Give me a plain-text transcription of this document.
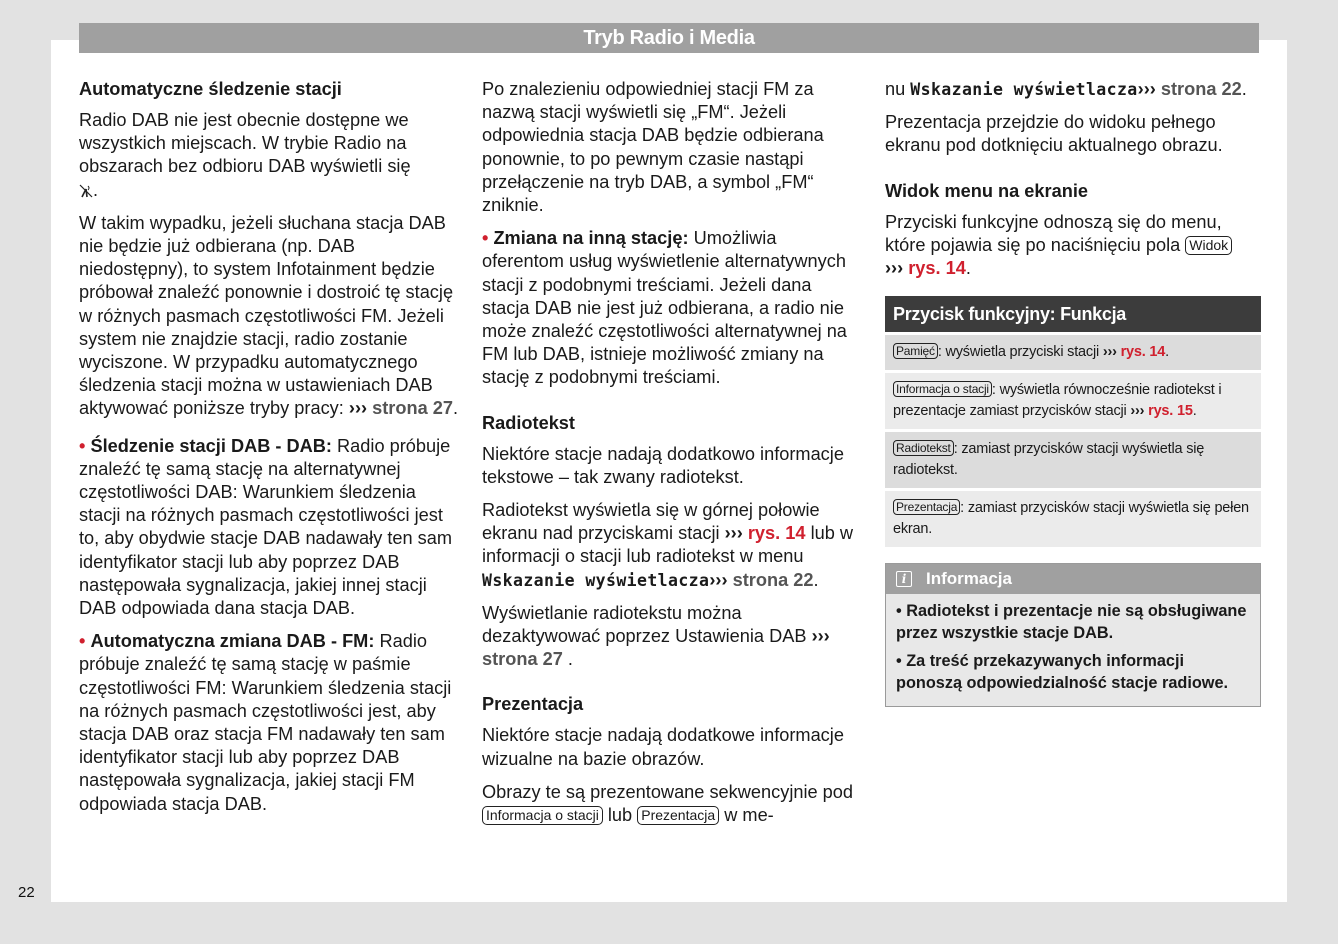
Tryb Radio i Media
Automatyczne śledzenie stacji

Radio DAB nie jest obecnie dostępne we wszystkich miejscach. W trybie Radio na obszarach bez odbioru DAB wyświetli się
.

W takim wypadku, jeżeli słuchana stacja DAB nie będzie już odbierana (np. DAB niedostępny), to system Infotainment będzie próbował znaleźć ponownie i dostroić tę stację w różnych pasmach częstotliwości FM. Jeżeli system nie znajdzie stacji, radio zostanie wyciszone. W przypadku automatycznego śledzenia stacji można w ustawieniach DAB aktywować poniższe tryby pracy: ››› strona 27.

• Śledzenie stacji DAB - DAB: Radio próbuje znaleźć tę samą stację na alternatywnej częstotliwości DAB: Warunkiem śledzenia stacji na różnych pasmach częstotliwości jest to, aby obydwie stacje DAB nadawały ten sam identyfikator stacji lub aby poprzez DAB następowała sygnalizacja, jakiej innej stacji DAB odpowiada dana stacja DAB.

• Automatyczna zmiana DAB - FM: Radio próbuje znaleźć tę samą stację w paśmie częstotliwości FM: Warunkiem śledzenia stacji na różnych pasmach częstotliwości jest, aby stacja DAB oraz stacja FM nadawały ten sam identyfikator stacji lub aby poprzez DAB następowała sygnalizacja, jakiej stacji FM odpowiada stacja DAB.

Po znalezieniu odpowiedniej stacji FM za nazwą stacji wyświetli się „FM“. Jeżeli odpowiednia stacja DAB będzie odbierana ponownie, to po pewnym czasie nastąpi przełączenie na tryb DAB, a symbol „FM“ zniknie.

• Zmiana na inną stację: Umożliwia oferentom usług wyświetlenie alternatywnych stacji z podobnymi treściami. Jeżeli dana stacja DAB nie jest już odbierana, a radio nie może znaleźć częstotliwości alternatywnej na FM lub DAB, istnieje możliwość zmiany na stację z podobnymi treściami.

Radiotekst

Niektóre stacje nadają dodatkowo informacje tekstowe – tak zwany radiotekst.

Radiotekst wyświetla się w górnej połowie ekranu nad przyciskami stacji ››› rys. 14 lub w informacji o stacji lub radiotekst w menu Wskazanie wyświetlacza››› strona 22.

Wyświetlanie radiotekstu można dezaktywować poprzez Ustawienia DAB ››› strona 27 .

Prezentacja

Niektóre stacje nadają dodatkowe informacje wizualne na bazie obrazów.

Obrazy te są prezentowane sekwencyjnie pod Informacja o stacji lub Prezentacja w me-

nu Wskazanie wyświetlacza››› strona 22.

Prezentacja przejdzie do widoku pełnego ekranu pod dotknięciu aktualnego obrazu.

Widok menu na ekranie

Przyciski funkcyjne odnoszą się do menu, które pojawia się po naciśnięciu pola Widok
››› rys. 14.

Przycisk funkcyjny: Funkcja
Pamięć : wyświetla przyciski stacji ››› rys. 14.
Informacja o stacji : wyświetla równocześnie radiotekst i prezentacje zamiast przycisków stacji ››› rys. 15.
Radiotekst : zamiast przycisków stacji wyświetla się radiotekst.
Prezentacja : zamiast przycisków stacji wyświetla się pełen ekran.
i Informacja

• Radiotekst i prezentacje nie są obsługiwane przez wszystkie stacje DAB.

• Za treść przekazywanych informacji ponoszą odpowiedzialność stacje radiowe.

22
